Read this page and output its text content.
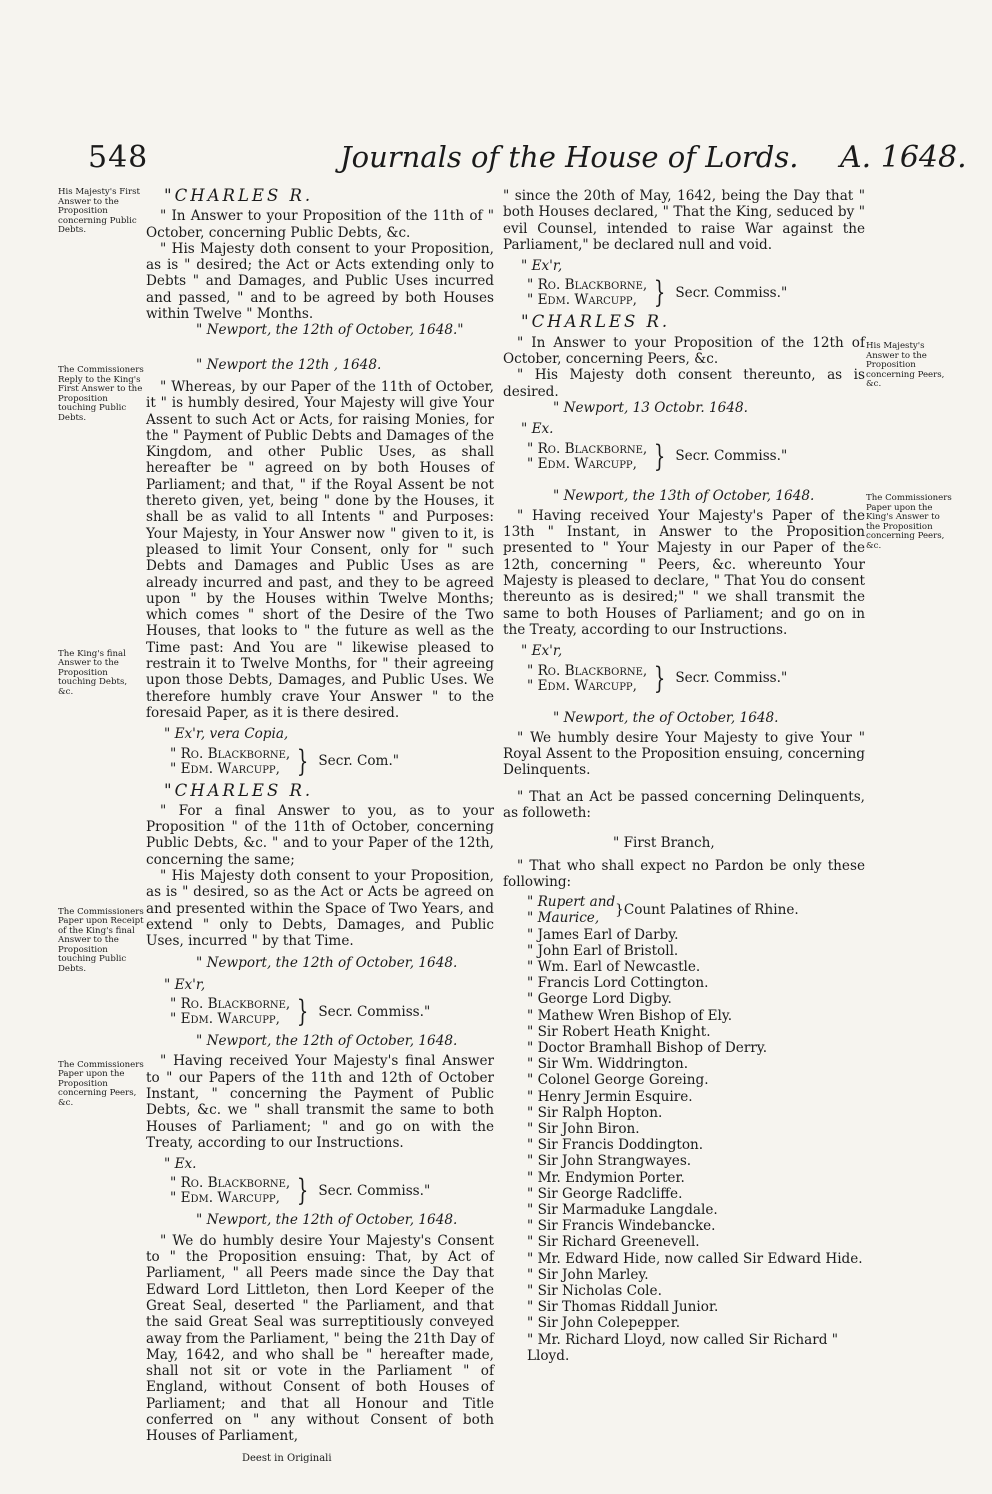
548	Journals of the House of Lords. A. 1648.

His Majesty's First Answer to the Proposition concerning Public Debts.

The Commissioners Reply to the King's First Answer to the Proposition touching Public Debts.

The King's final Answer to the Proposition touching Debts, &c.

The Commissioners Paper upon Receipt of the King's final Answer to the Proposition touching Public Debts.

The Commissioners Paper upon the Proposition concerning Peers, &c.

"CHARLES R.

" In Answer to your Proposition of the 11th of " October, concerning Public Debts, &c.

" His Majesty doth consent to your Proposition, as is " desired; the Act or Acts extending only to Debts " and Damages, and Public Uses incurred and passed, " and to be agreed by both Houses within Twelve " Months.

" Newport, the 12th of October, 1648."

" Newport the 12th , 1648.

" Whereas, by our Paper of the 11th of October, it " is humbly desired, Your Majesty will give Your Assent to such Act or Acts, for raising Monies, for the " Payment of Public Debts and Damages of the Kingdom, and other Public Uses, as shall hereafter be " agreed on by both Houses of Parliament; and that, " if the Royal Assent be not thereto given, yet, being " done by the Houses, it shall be as valid to all Intents " and Purposes: Your Majesty, in Your Answer now " given to it, is pleased to limit Your Consent, only for " such Debts and Damages and Public Uses as are already incurred and past, and they to be agreed upon " by the Houses within Twelve Months; which comes " short of the Desire of the Two Houses, that looks to " the future as well as the Time past: And You are " likewise pleased to restrain it to Twelve Months, for " their agreeing upon those Debts, Damages, and Public Uses. We therefore humbly crave Your Answer " to the foresaid Paper, as it is there desired.

" Ex'r, vera Copia,

" Ro. Blackborne,
" Edm. Warcupp, } Secr. Com."

"CHARLES R.

" For a final Answer to you, as to your Proposition " of the 11th of October, concerning Public Debts, &c. " and to your Paper of the 12th, concerning the same;

" His Majesty doth consent to your Proposition, as is " desired, so as the Act or Acts be agreed on and presented within the Space of Two Years, and extend " only to Debts, Damages, and Public Uses, incurred " by that Time.

" Newport, the 12th of October, 1648.

" Ex'r,

" Ro. Blackborne,
" Edm. Warcupp, } Secr. Commiss."

" Newport, the 12th of October, 1648.

" Having received Your Majesty's final Answer to " our Papers of the 11th and 12th of October Instant, " concerning the Payment of Public Debts, &c. we " shall transmit the same to both Houses of Parliament; " and go on with the Treaty, according to our Instructions.

" Ex.

" Ro. Blackborne,
" Edm. Warcupp, } Secr. Commiss."

" Newport, the 12th of October, 1648.

" We do humbly desire Your Majesty's Consent to " the Proposition ensuing: That, by Act of Parliament, " all Peers made since the Day that Edward Lord Littleton, then Lord Keeper of the Great Seal, deserted " the Parliament, and that the said Great Seal was surreptitiously conveyed away from the Parliament, " being the 21th Day of May, 1642, and who shall be " hereafter made, shall not sit or vote in the Parliament " of England, without Consent of both Houses of Parliament; and that all Honour and Title conferred on " any without Consent of both Houses of Parliament,

Deest in Originali

" since the 20th of May, 1642, being the Day that " both Houses declared, " That the King, seduced by " evil Counsel, intended to raise War against the Parliament," be declared null and void.

" Ex'r,

" Ro. Blackborne,
" Edm. Warcupp, } Secr. Commiss."

"CHARLES R.

" In Answer to your Proposition of the 12th of October, concerning Peers, &c.

" His Majesty doth consent thereunto, as is desired.

" Newport, 13 Octobr. 1648.

" Ex.

" Ro. Blackborne,
" Edm. Warcupp, } Secr. Commiss."

" Newport, the 13th of October, 1648.

" Having received Your Majesty's Paper of the 13th " Instant, in Answer to the Proposition presented to " Your Majesty in our Paper of the 12th, concerning " Peers, &c. whereunto Your Majesty is pleased to declare, " That You do consent thereunto as is desired;" " we shall transmit the same to both Houses of Parliament; and go on in the Treaty, according to our Instructions.

" Ex'r,

" Ro. Blackborne,
" Edm. Warcupp, } Secr. Commiss."

" Newport, the of October, 1648.

" We humbly desire Your Majesty to give Your " Royal Assent to the Proposition ensuing, concerning Delinquents.

" That an Act be passed concerning Delinquents, as followeth:

" First Branch,

" That who shall expect no Pardon be only these following:

" Rupert and
" Maurice,
} Count Palatines of Rhine.
" James Earl of Darby.
" John Earl of Bristoll.
" Wm. Earl of Newcastle.
" Francis Lord Cottington.
" George Lord Digby.
" Mathew Wren Bishop of Ely.
" Sir Robert Heath Knight.
" Doctor Bramhall Bishop of Derry.
" Sir Wm. Widdrington.
" Colonel George Goreing.
" Henry Jermin Esquire.
" Sir Ralph Hopton.
" Sir John Biron.
" Sir Francis Doddington.
" Sir John Strangwayes.
" Mr. Endymion Porter.
" Sir George Radcliffe.
" Sir Marmaduke Langdale.
" Sir Francis Windebancke.
" Sir Richard Greenevell.
" Mr. Edward Hide, now called Sir Edward Hide.
" Sir John Marley.
" Sir Nicholas Cole.
" Sir Thomas Riddall Junior.
" Sir John Colepepper.
" Mr. Richard Lloyd, now called Sir Richard " Lloyd.

His Majesty's Answer to the Proposition concerning Peers, &c.

The Commissioners Paper upon the King's Answer to the Proposition concerning Peers, &c.
